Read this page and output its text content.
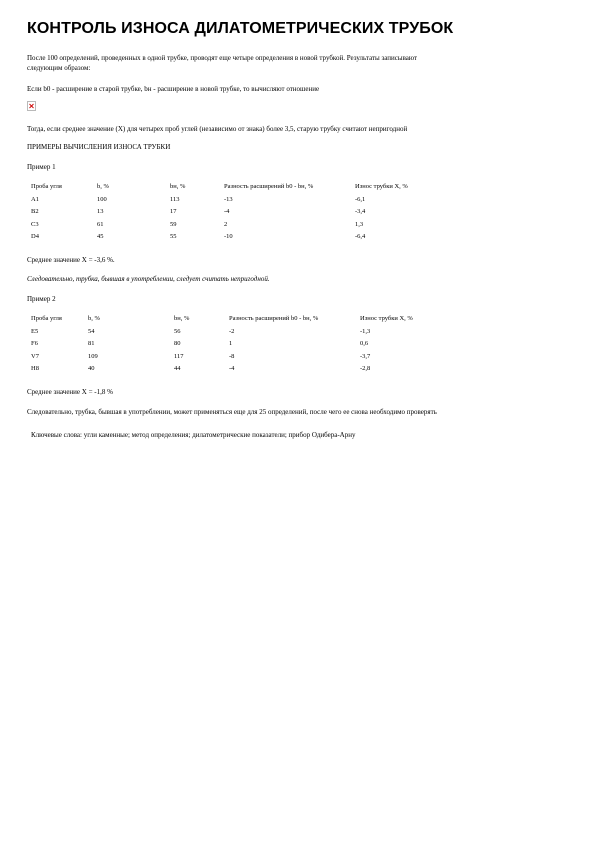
КОНТРОЛЬ ИЗНОСА ДИЛАТОМЕТРИЧЕСКИХ ТРУБОК

После 100 определений, проведенных в одной трубке, проводят еще четыре определения в новой трубкой. Результаты записывают

следующим образом:

Если b0 - расширение в старой трубке, bн - расширение в новой трубке, то вычисляют отношение

Тогда, если среднее значение (Х) для четырех проб углей (независимо от знака) более 3,5, старую трубку считают непригодной

ПРИМЕРЫ ВЫЧИСЛЕНИЯ ИЗНОСА ТРУБКИ

Пример 1

Проба угля	b, %	bн, %	Разность расширений b0 - bн, %	Износ трубки Х, %
А1	100	113	-13	-6,1
B2	13	17	-4	-3,4
C3	61	59	2	1,3
D4	45	55	-10	-6,4

Среднее значение X = -3,6 %.

Следовательно, трубка, бывшая в употреблении, следует считать непригодной.

Пример 2

Проба угля	b, %	bн, %	Разность расширений b0 - bн, %	Износ трубки X, %
E5	54	56	-2	-1,3
F6	81	80	1	0,6
V7	109	117	-8	-3,7
H8	40	44	-4	-2,8

Среднее значение X = -1,8 %

Следовательно, трубка, бывшая в употреблении, может применяться еще для 25 определений, после чего ее снова необходимо проверять

Ключевые слова: угли каменные; метод определения; дилатометрические показатели; прибор Одибера-Арну
